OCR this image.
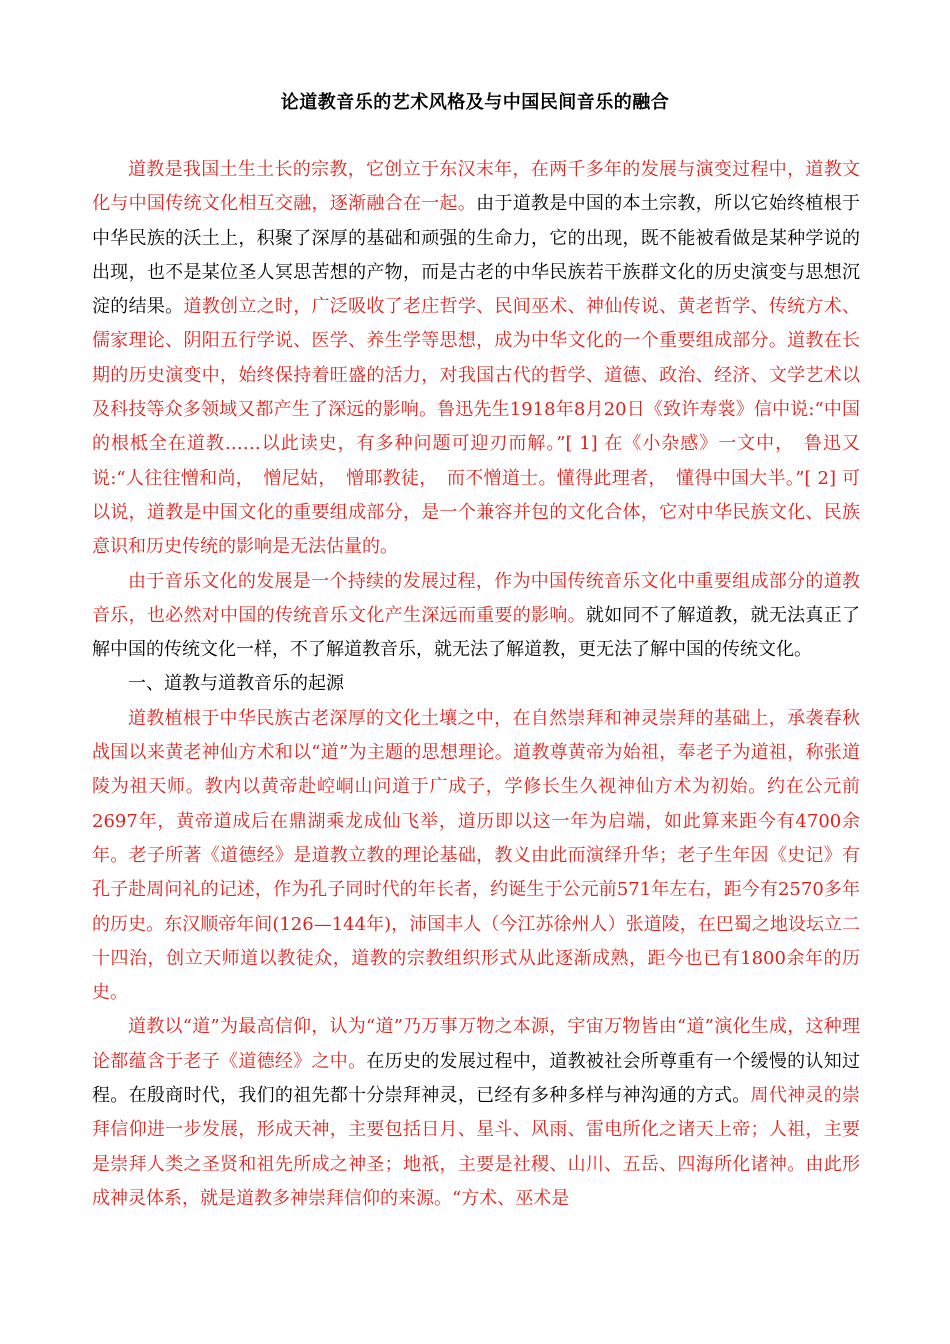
论道教音乐的艺术风格及与中国民间音乐的融合

道教是我国土生土长的宗教，它创立于东汉末年，在两千多年的发展与演变过程中，道教文化与中国传统文化相互交融，逐渐融合在一起。由于道教是中国的本土宗教，所以它始终植根于中华民族的沃土上，积聚了深厚的基础和顽强的生命力，它的出现，既不能被看做是某种学说的出现，也不是某位圣人冥思苦想的产物，而是古老的中华民族若干族群文化的历史演变与思想沉淀的结果。道教创立之时，广泛吸收了老庄哲学、民间巫术、神仙传说、黄老哲学、传统方术、儒家理论、阴阳五行学说、医学、养生学等思想，成为中华文化的一个重要组成部分。道教在长期的历史演变中，始终保持着旺盛的活力，对我国古代的哲学、道德、政治、经济、文学艺术以及科技等众多领域又都产生了深远的影响。鲁迅先生1918年8月20日《致许寿裳》信中说:“中国的根柢全在道教……以此读史，有多种问题可迎刃而解。”[ 1] 在《小杂感》一文中，　鲁迅又说:“人往往憎和尚，　憎尼姑，　憎耶教徒，　而不憎道士。懂得此理者，　懂得中国大半。”[ 2] 可以说，道教是中国文化的重要组成部分，是一个兼容并包的文化合体，它对中华民族文化、民族意识和历史传统的影响是无法估量的。

由于音乐文化的发展是一个持续的发展过程，作为中国传统音乐文化中重要组成部分的道教音乐，也必然对中国的传统音乐文化产生深远而重要的影响。就如同不了解道教，就无法真正了解中国的传统文化一样，不了解道教音乐，就无法了解道教，更无法了解中国的传统文化。

一、道教与道教音乐的起源

道教植根于中华民族古老深厚的文化土壤之中，在自然崇拜和神灵崇拜的基础上，承袭春秋战国以来黄老神仙方术和以“道”为主题的思想理论。道教尊黄帝为始祖，奉老子为道祖，称张道陵为祖天师。教内以黄帝赴崆峒山问道于广成子，学修长生久视神仙方术为初始。约在公元前2697年，黄帝道成后在鼎湖乘龙成仙飞举，道历即以这一年为启端，如此算来距今有4700余年。老子所著《道德经》是道教立教的理论基础，教义由此而演绎升华；老子生年因《史记》有孔子赴周问礼的记述，作为孔子同时代的年长者，约诞生于公元前571年左右，距今有2570多年的历史。东汉顺帝年间(126—144年)，沛国丰人（今江苏徐州人）张道陵，在巴蜀之地设坛立二十四治，创立天师道以教徒众，道教的宗教组织形式从此逐渐成熟，距今也已有1800余年的历史。

道教以“道”为最高信仰，认为“道”乃万事万物之本源，宇宙万物皆由“道”演化生成，这种理论都蕴含于老子《道德经》之中。在历史的发展过程中，道教被社会所尊重有一个缓慢的认知过程。在殷商时代，我们的祖先都十分崇拜神灵，已经有多种多样与神沟通的方式。周代神灵的崇拜信仰进一步发展，形成天神，主要包括日月、星斗、风雨、雷电所化之诸天上帝；人祖，主要是崇拜人类之圣贤和祖先所成之神圣；地祇，主要是社稷、山川、五岳、四海所化诸神。由此形成神灵体系，就是道教多神崇拜信仰的来源。“方术、巫术是
